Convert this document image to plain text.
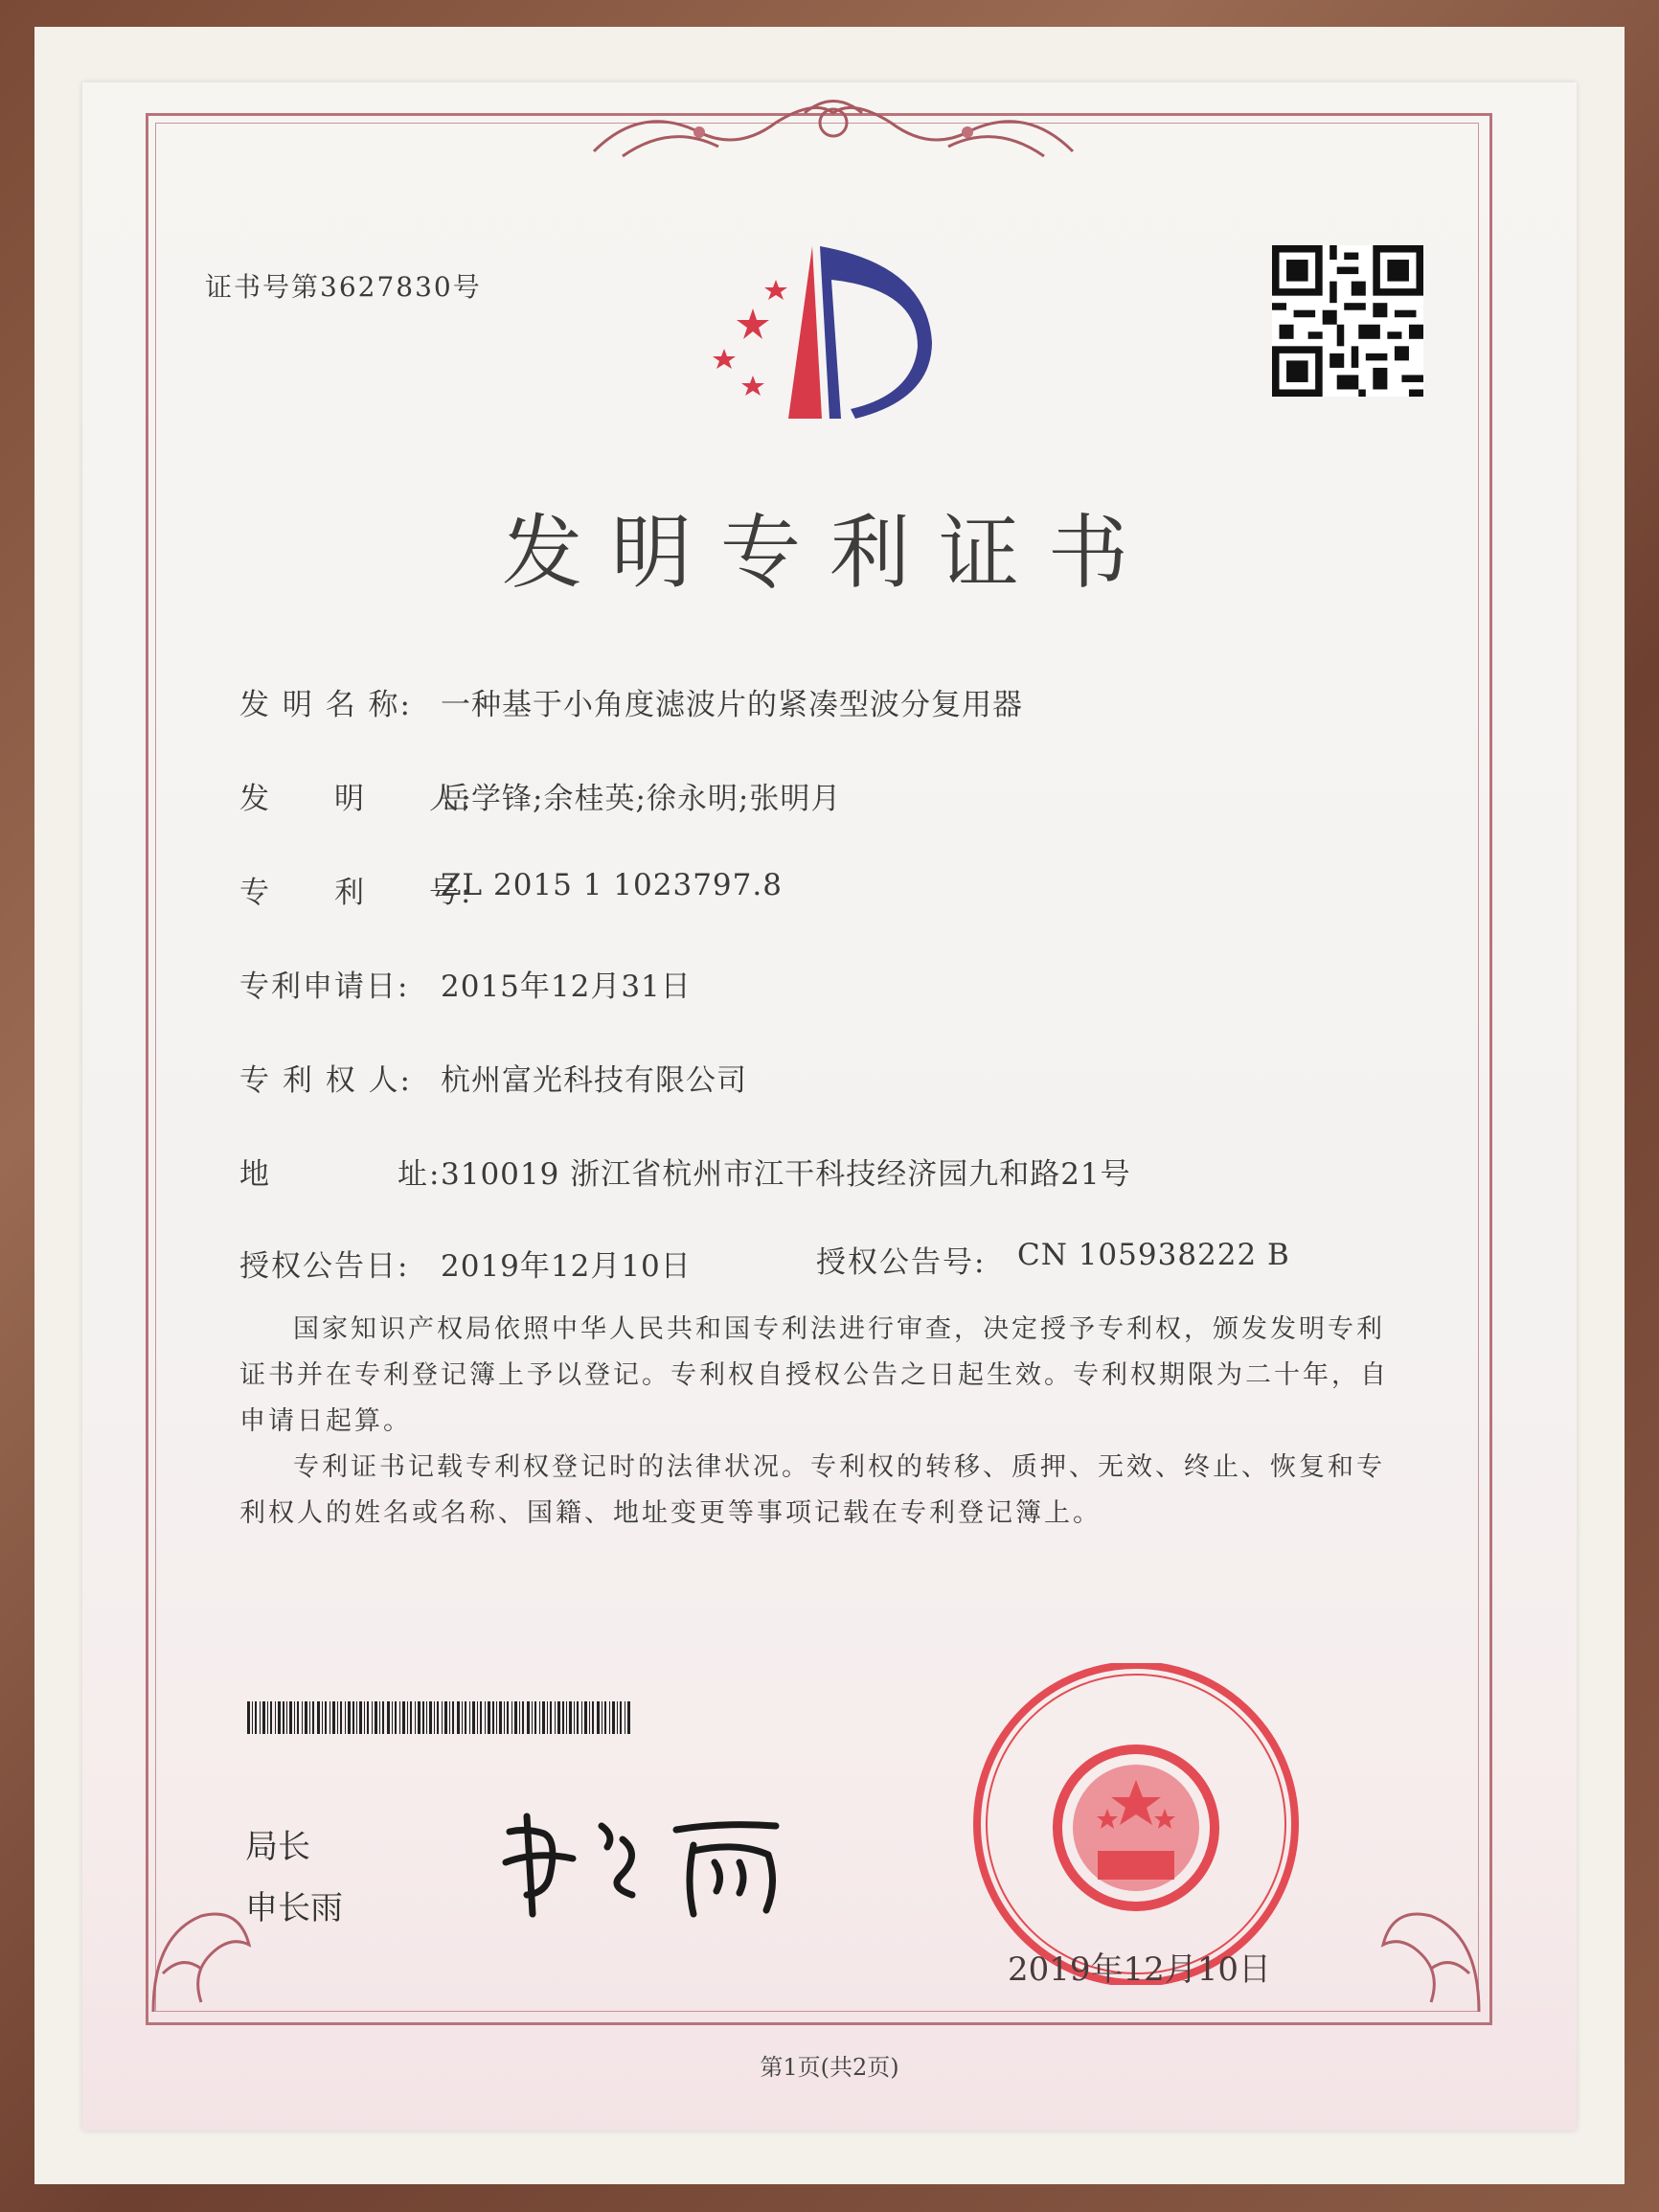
证书号第3627830号
发明专利证书
发 明 名 称: 一种基于小角度滤波片的紧凑型波分复用器
发　　明　　人:
岳学锋;余桂英;徐永明;张明月
专　　利　　号:
ZL 2015 1 1023797.8
专利申请日: 2015年12月31日
专 利 权 人: 杭州富光科技有限公司
地　　　　址: 310019 浙江省杭州市江干科技经济园九和路21号
授权公告日: 2019年12月10日	授权公告号: CN 105938222 B
国家知识产权局依照中华人民共和国专利法进行审查，决定授予专利权，颁发发明专利证书并在专利登记簿上予以登记。专利权自授权公告之日起生效。专利权期限为二十年，自申请日起算。
专利证书记载专利权登记时的法律状况。专利权的转移、质押、无效、终止、恢复和专利权人的姓名或名称、国籍、地址变更等事项记载在专利登记簿上。
局长
申长雨
2019年12月10日
第1页(共2页)
